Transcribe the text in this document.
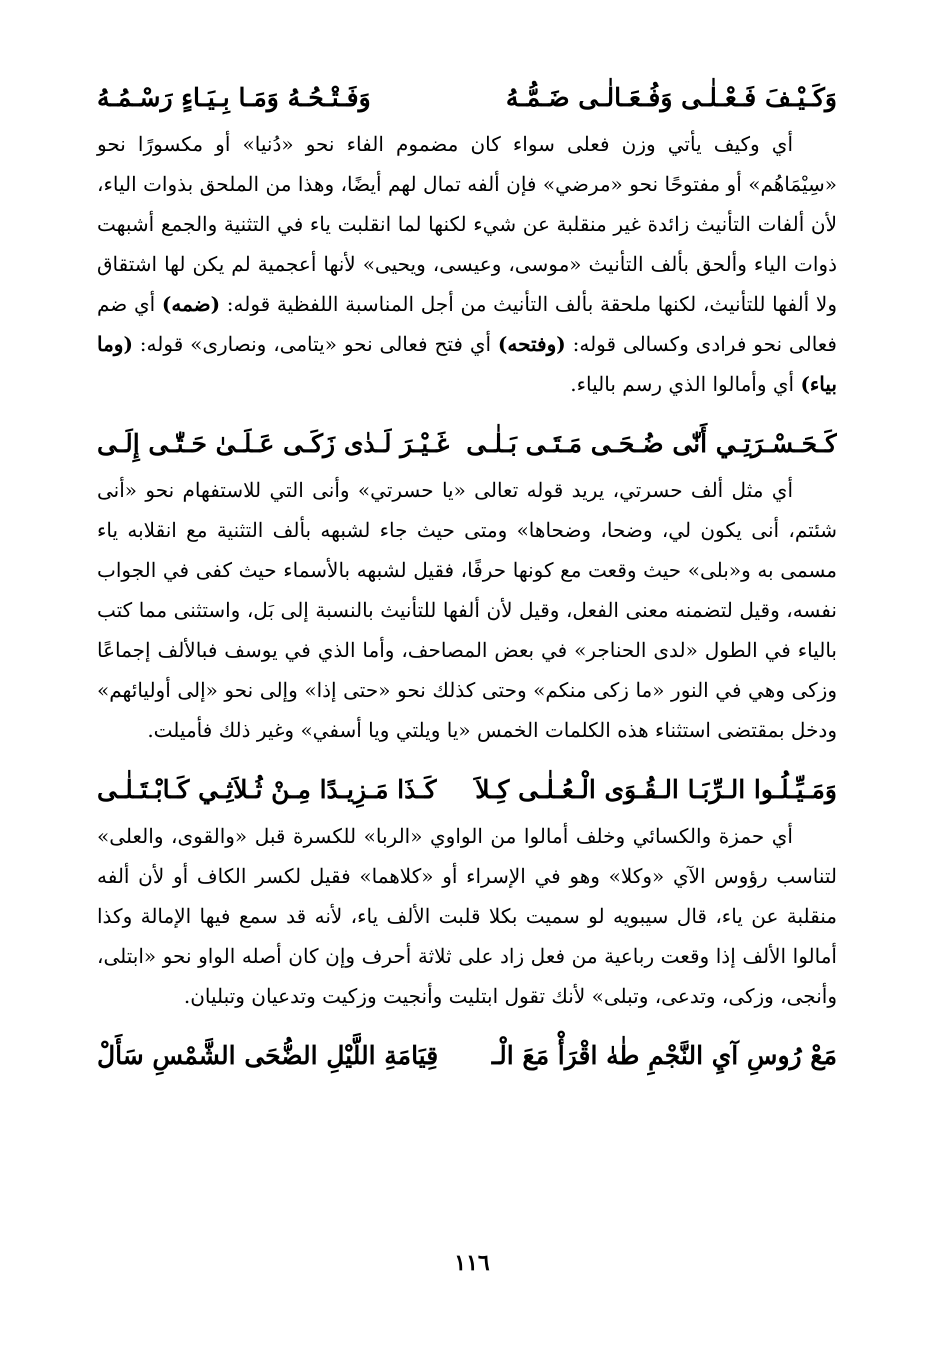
وَكَـيْـفَ فَـعْـلٰـى وَفُـعَـالٰـى ضَـمُّـهُ
وَفَـتْـحُـهُ وَمَـا بِـيَـاءٍ رَسْـمُـهُ

أي وكيف يأتي وزن فعلى سواء كان مضموم الفاء نحو «دُنيا» أو مكسورًا نحو «سِيْمَاهُم» أو مفتوحًا نحو «مرضي» فإن ألفه تمال لهم أيضًا، وهذا من الملحق بذوات الياء، لأن ألفات التأنيث زائدة غير منقلبة عن شيء لكنها لما انقلبت ياء في التثنية والجمع أشبهت ذوات الياء وألحق بألف التأنيث «موسى، وعيسى، ويحيى» لأنها أعجمية لم يكن لها اشتقاق ولا ألفها للتأنيث، لكنها ملحقة بألف التأنيث من أجل المناسبة اللفظية قوله: (ضمه) أي ضم فعالى نحو فرادى وكسالى قوله: (وفتحه) أي فتح فعالى نحو «يتامى، ونصارى» قوله: (وما بياء) أي وأمالوا الذي رسم بالياء.

كَـحَـسْـرَتِـي أَنّٰى ضُـحَـى مَـتَـى بَـلٰـى
غَـيْـرَ لَـدٰى زَكَـى عَـلَـىٰ حَـتّٰـى إِلَـى

أي مثل ألف حسرتي، يريد قوله تعالى «يا حسرتي» وأنى التي للاستفهام نحو «أنى شئتم، أنى يكون لي، وضحا، وضحاها» ومتى حيث جاء لشبهه بألف التثنية مع انقلابه ياء مسمى به و«بلى» حيث وقعت مع كونها حرفًا، فقيل لشبهه بالأسماء حيث كفى في الجواب نفسه، وقيل لتضمنه معنى الفعل، وقيل لأن ألفها للتأنيث بالنسبة إلى بَل، واستثنى مما كتب بالياء في الطول «لدى الحناجر» في بعض المصاحف، وأما الذي في يوسف فبالألف إجماعًا وزكى وهي في النور «ما زكى منكم» وحتى كذلك نحو «حتى إذا» وإلى نحو «إلى أوليائهم» ودخل بمقتضى استثناء هذه الكلمات الخمس «يا ويلتي ويا أسفي» وغير ذلك فأميلت.

وَمَـيِّـلُـوا الـرِّبَـا الـقُـوَى الْـعُـلٰـى كِـلاَ
كَـذَا مَـزِيـدًا مِـنْ ثُـلاَثِـي كَـابْـتَـلٰـى

أي حمزة والكسائي وخلف أمالوا من الواوي «الربا» للكسرة قبل «والقوى، والعلى» لتناسب رؤوس الآي «وكلا» وهو في الإسراء أو «كلاهما» فقيل لكسر الكاف أو لأن ألفه منقلبة عن ياء، قال سيبويه لو سميت بكلا قلبت الألف ياء، لأنه قد سمع فيها الإمالة وكذا أمالوا الألف إذا وقعت رباعية من فعل زاد على ثلاثة أحرف وإن كان أصله الواو نحو «ابتلى، وأنجى، وزكى، وتدعى، وتبلى» لأنك تقول ابتليت وأنجيت وزكيت وتدعيان وتبليان.

مَعْ رُوسِ آيِ النَّجْمِ طٰهٰ اقْرَأْ مَعَ الْـ
قِيَامَةِ اللَّيْلِ الضُّحَى الشَّمْسِ سَأَلْ
١١٦
